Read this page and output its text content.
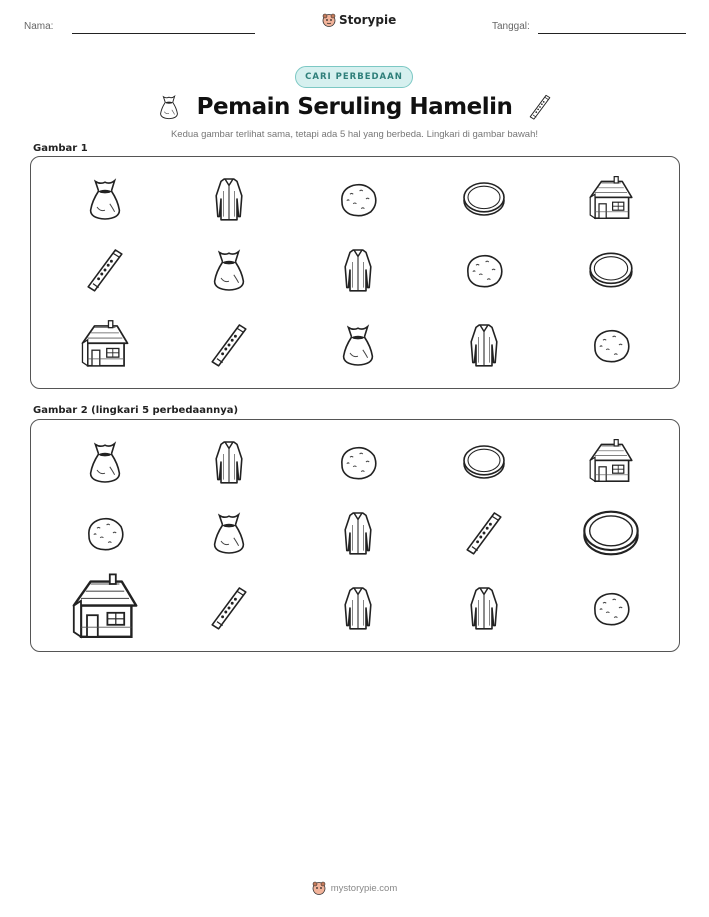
Nama:	Storypie	Tanggal:
CARI PERBEDAAN
Pemain Seruling Hamelin
Kedua gambar terlihat sama, tetapi ada 5 hal yang berbeda. Lingkari di gambar bawah!
Gambar 1
Gambar 2 (lingkari 5 perbedaannya)
mystorypie.com
